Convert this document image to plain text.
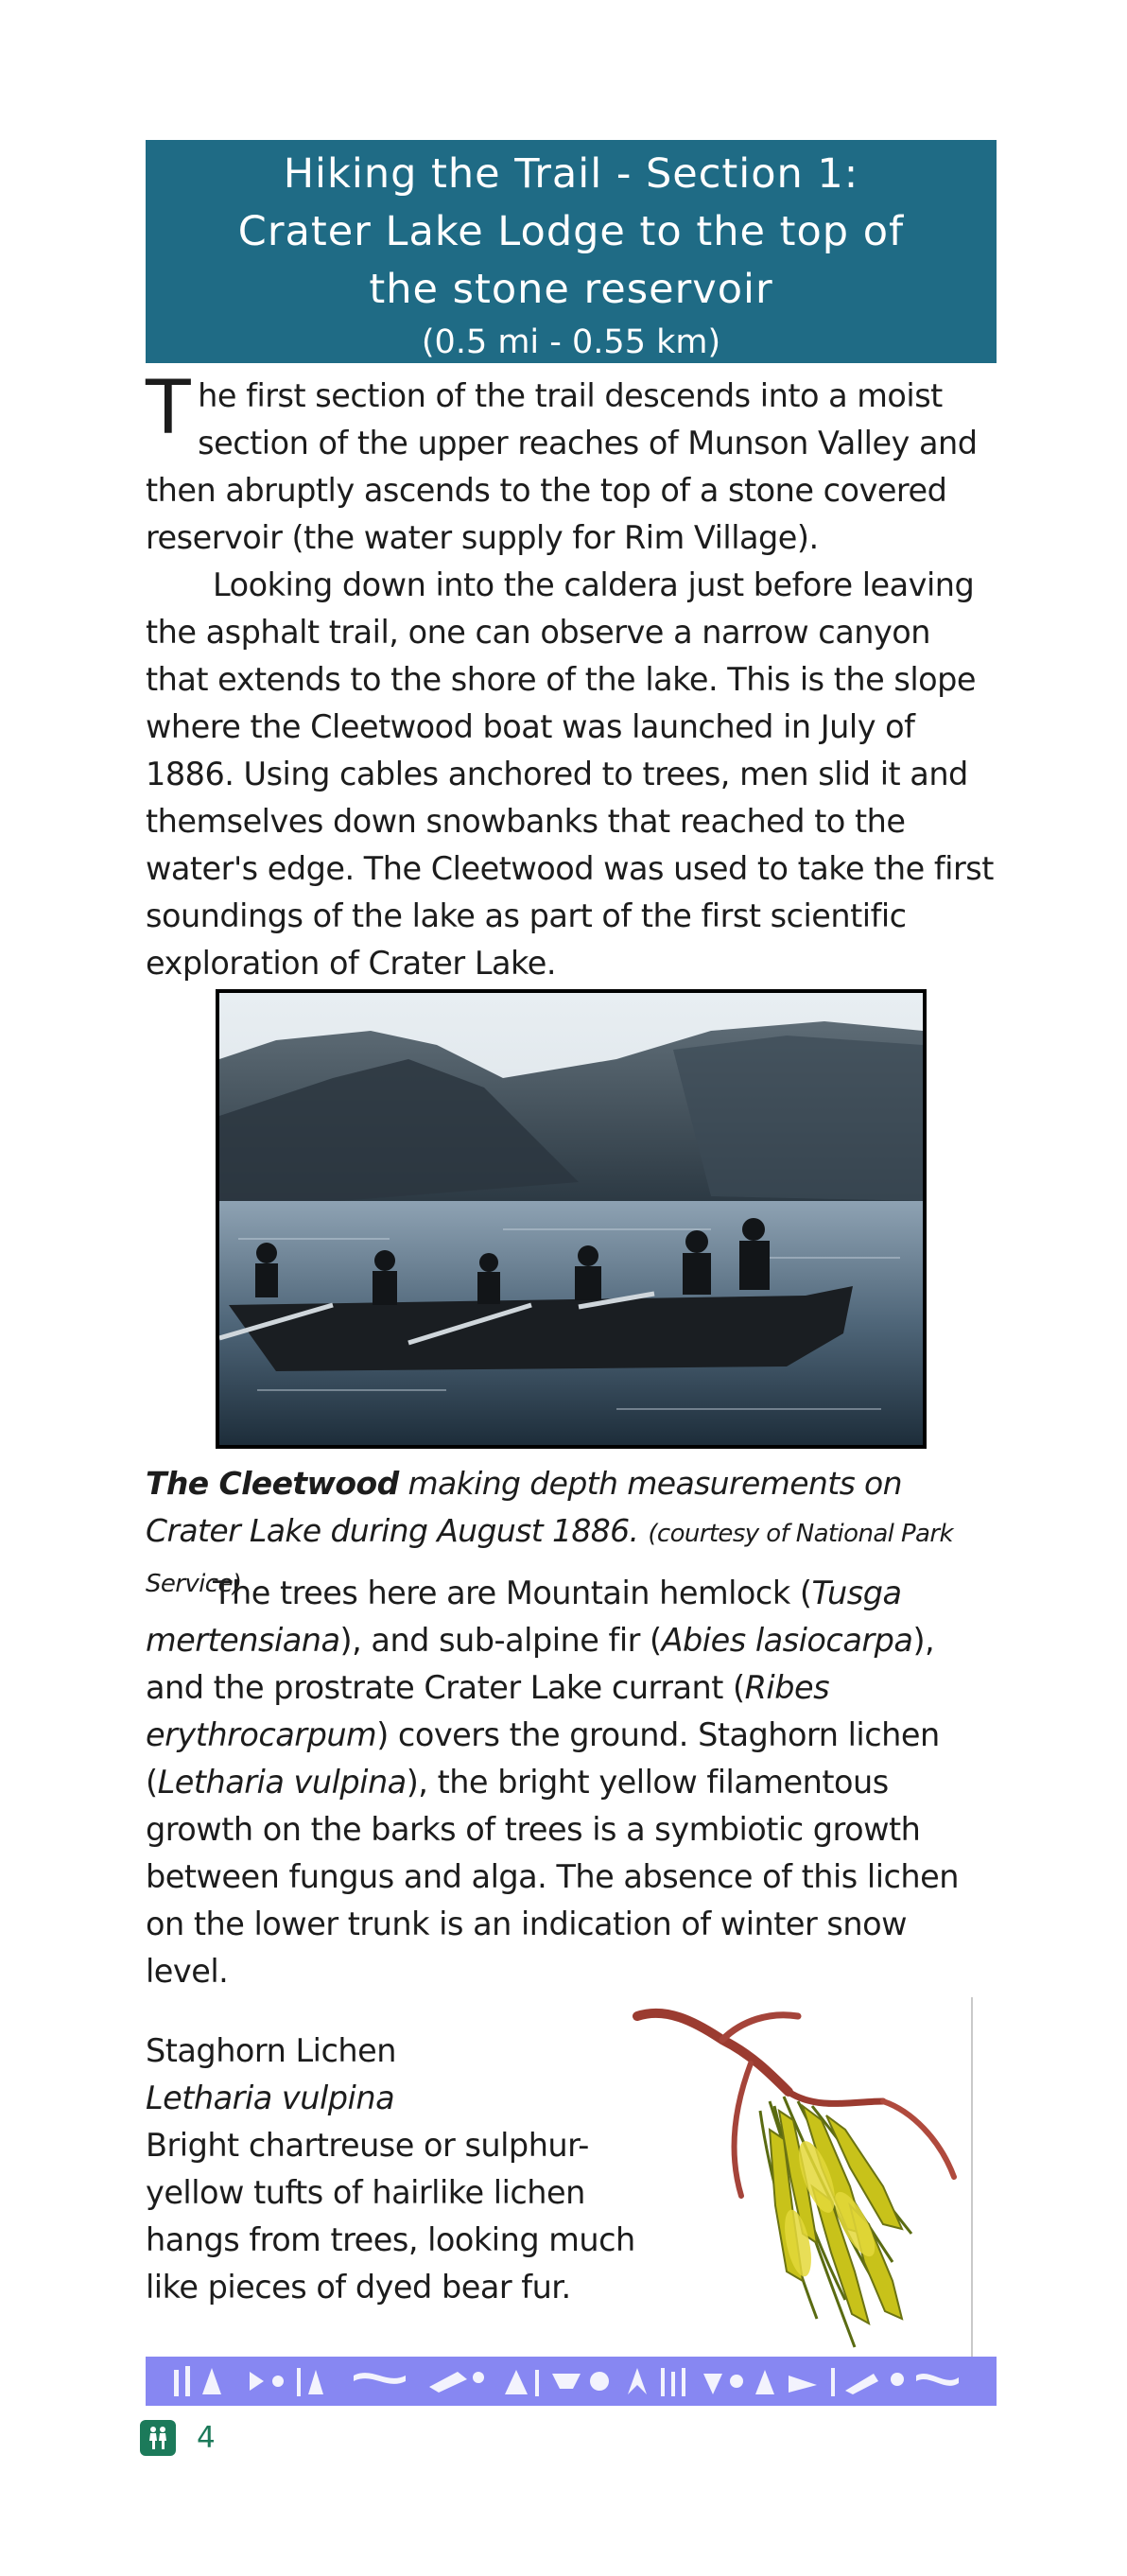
Hiking the Trail - Section 1:
Crater Lake Lodge to the top of
the stone reservoir
(0.5 mi - 0.55 km)

The first section of the trail descends into a moist section of the upper reaches of Munson Valley and then abruptly ascends to the top of a stone covered reservoir (the water supply for Rim Village).

Looking down into the caldera just before leaving the asphalt trail, one can observe a narrow canyon that extends to the shore of the lake. This is the slope where the Cleetwood boat was launched in July of 1886. Using cables anchored to trees, men slid it and themselves down snowbanks that reached to the water's edge. The Cleetwood was used to take the first soundings of the lake as part of the first scientific exploration of Crater Lake.

The Cleetwood making depth measurements on Crater Lake during August 1886. (courtesy of National Park Service)

The trees here are Mountain hemlock (Tusga mertensiana), and sub-alpine fir (Abies lasiocarpa), and the prostrate Crater Lake currant (Ribes erythrocarpum) covers the ground. Staghorn lichen (Letharia vulpina), the bright yellow filamentous growth on the barks of trees is a symbiotic growth between fungus and alga. The absence of this lichen on the lower trunk is an indication of winter snow level.

Staghorn Lichen
Letharia vulpina
Bright chartreuse or sulphur-yellow tufts of hairlike lichen hangs from trees, looking much like pieces of dyed bear fur.
4
